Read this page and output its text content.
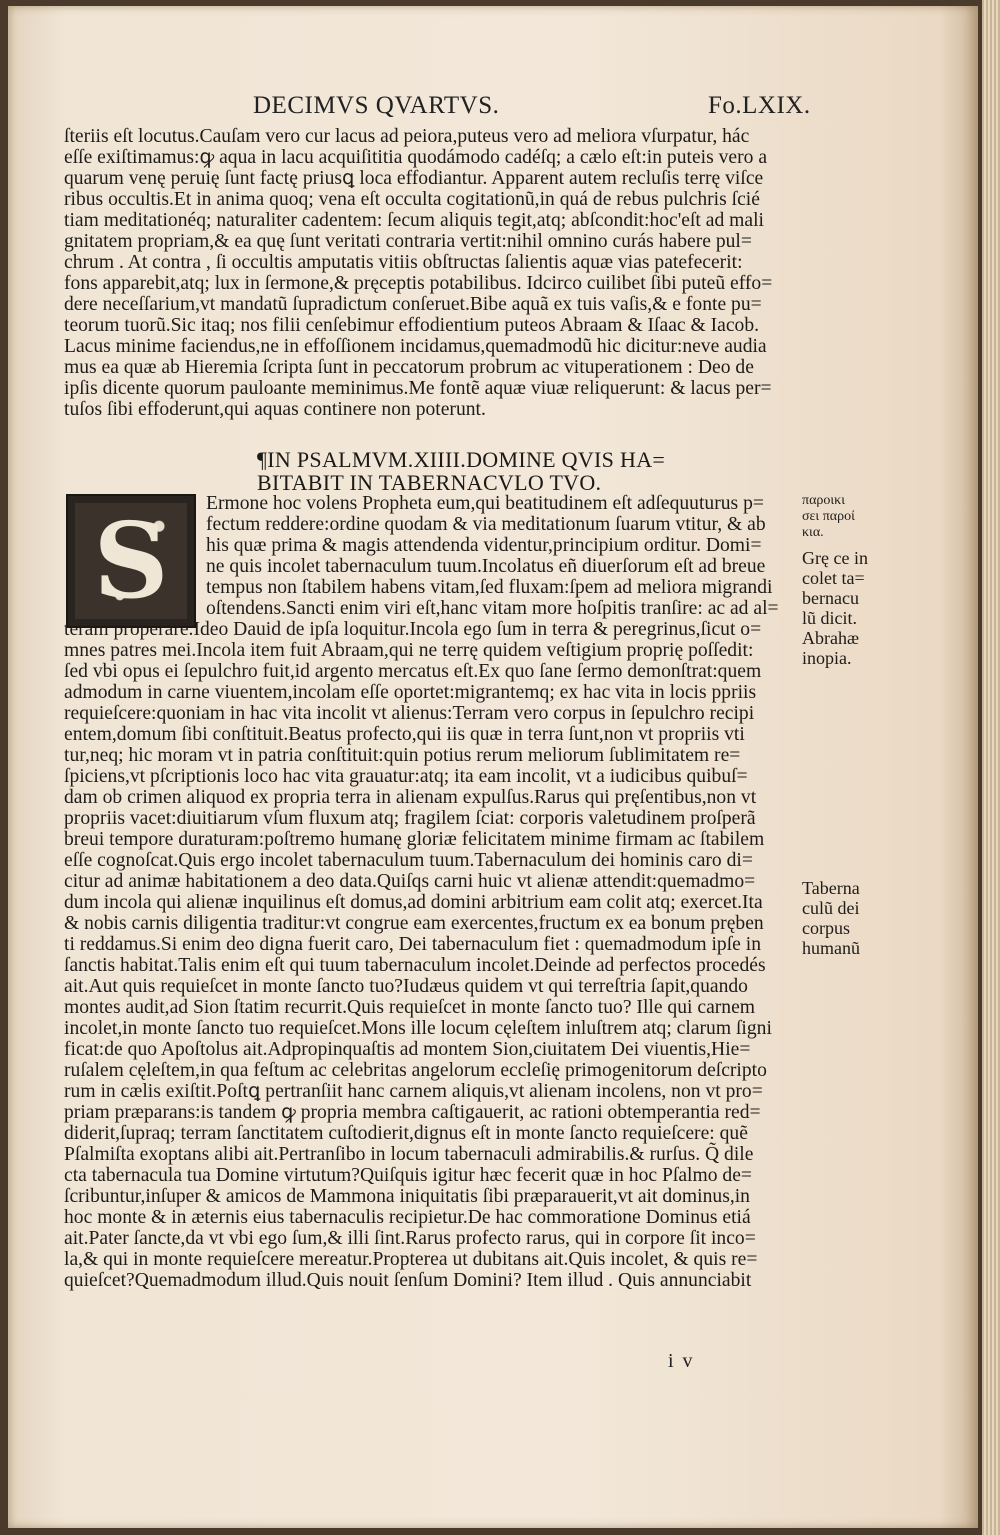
DECIMVS QVARTVS.	Fo.LXIX.
ſteriis eſt locutus.Cauſam vero cur lacus ad peiora,puteus vero ad meliora vſurpatur, hác
eſſe exiſtimamus:ꝙ aqua in lacu acquiſititia quodámodo cadéſq; a cælo eſt:in puteis vero a
quarum venę peruię ſunt factę priusꝗ loca effodiantur. Apparent autem recluſis terrę viſce
ribus occultis.Et in anima quoq; vena eſt occulta cogitationũ,in quá de rebus pulchris ſcié
tiam meditationéq; naturaliter cadentem: ſecum aliquis tegit,atq; abſcondit:hoc'eſt ad mali
gnitatem propriam,& ea quę ſunt veritati contraria vertit:nihil omnino curás habere pul=
chrum . At contra , ſi occultis amputatis vitiis obſtructas ſalientis aquæ vias patefecerit:
fons apparebit,atq; lux in ſermone,& pręceptis potabilibus. Idcirco cuilibet ſibi puteũ effo=
dere neceſſarium,vt mandatũ ſupradictum conſeruet.Bibe aquã ex tuis vaſis,& e fonte pu=
teorum tuorũ.Sic itaq; nos filii cenſebimur effodientium puteos Abraam & Iſaac & Iacob.
Lacus minime faciendus,ne in effoſſionem incidamus,quemadmodũ hic dicitur:neve audia
mus ea quæ ab Hieremia ſcripta ſunt in peccatorum probrum ac vituperationem : Deo de
ipſis dicente quorum pauloante meminimus.Me fontẽ aquæ viuæ reliquerunt: & lacus per=
tuſos ſibi effoderunt,qui aquas continere non poterunt.
¶IN PSALMVM.XIIII.DOMINE QVIS HA=
BITABIT IN TABERNACVLO TVO.
S	Ermone hoc volens Propheta eum,qui beatitudinem eſt adſequuturus p=
fectum reddere:ordine quodam & via meditationum ſuarum vtitur, & ab
his quæ prima & magis attendenda videntur,principium orditur. Domi=
ne quis incolet tabernaculum tuum.Incolatus eñ diuerſorum eſt ad breue
tempus non ſtabilem habens vitam,ſed fluxam:ſpem ad meliora migrandi
oſtendens.Sancti enim viri eſt,hanc vitam more hoſpitis tranſire: ac ad al=
teram properare.Ideo Dauid de ipſa loquitur.Incola ego ſum in terra & peregrinus,ſicut o=
mnes patres mei.Incola item fuit Abraam,qui ne terrę quidem veſtigium proprię poſſedit:
ſed vbi opus ei ſepulchro fuit,id argento mercatus eſt.Ex quo ſane ſermo demonſtrat:quem
admodum in carne viuentem,incolam eſſe oportet:migrantemq; ex hac vita in locis ppriis
requieſcere:quoniam in hac vita incolit vt alienus:Terram vero corpus in ſepulchro recipi
entem,domum ſibi conſtituit.Beatus profecto,qui iis quæ in terra ſunt,non vt propriis vti
tur,neq; hic moram vt in patria conſtituit:quin potius rerum meliorum ſublimitatem re=
ſpiciens,vt pſcriptionis loco hac vita grauatur:atq; ita eam incolit, vt a iudicibus quibuſ=
dam ob crimen aliquod ex propria terra in alienam expulſus.Rarus qui pręſentibus,non vt
propriis vacet:diuitiarum vſum fluxum atq; fragilem ſciat: corporis valetudinem proſperã
breui tempore duraturam:poſtremo humanę gloriæ felicitatem minime firmam ac ſtabilem
eſſe cognoſcat.Quis ergo incolet tabernaculum tuum.Tabernaculum dei hominis caro di=
citur ad animæ habitationem a deo data.Quiſqs carni huic vt alienæ attendit:quemadmo=
dum incola qui alienæ inquilinus eſt domus,ad domini arbitrium eam colit atq; exercet.Ita
& nobis carnis diligentia traditur:vt congrue eam exercentes,fructum ex ea bonum pręben
ti reddamus.Si enim deo digna fuerit caro, Dei tabernaculum fiet : quemadmodum ipſe in
ſanctis habitat.Talis enim eſt qui tuum tabernaculum incolet.Deinde ad perfectos procedés
ait.Aut quis requieſcet in monte ſancto tuo?Iudæus quidem vt qui terreſtria ſapit,quando
montes audit,ad Sion ſtatim recurrit.Quis requieſcet in monte ſancto tuo? Ille qui carnem
incolet,in monte ſancto tuo requieſcet.Mons ille locum cęleſtem inluſtrem atq; clarum ſigni
ficat:de quo Apoſtolus ait.Adpropinquaſtis ad montem Sion,ciuitatem Dei viuentis,Hie=
ruſalem cęleſtem,in qua feſtum ac celebritas angelorum eccleſię primogenitorum deſcripto
rum in cælis exiſtit.Poſtꝗ pertranſiit hanc carnem aliquis,vt alienam incolens, non vt pro=
priam præparans:is tandem ꝙ propria membra caſtigauerit, ac rationi obtemperantia red=
diderit,ſupraq; terram ſanctitatem cuſtodierit,dignus eſt in monte ſancto requieſcere: quẽ
Pſalmiſta exoptans alibi ait.Pertranſibo in locum tabernaculi admirabilis.& rurſus. Q̃ dile
cta tabernacula tua Domine virtutum?Quiſquis igitur hæc fecerit quæ in hoc Pſalmo de=
ſcribuntur,inſuper & amicos de Mammona iniquitatis ſibi præparauerit,vt ait dominus,in
hoc monte & in æternis eius tabernaculis recipietur.De hac commoratione Dominus etiá
ait.Pater ſancte,da vt vbi ego ſum,& illi ſint.Rarus profecto rarus, qui in corpore ſit inco=
la,& qui in monte requieſcere mereatur.Propterea ut dubitans ait.Quis incolet, & quis re=
quieſcet?Quemadmodum illud.Quis nouit ſenſum Domini? Item illud . Quis annunciabit
παροικι
σει παροί
κια.
Grę ce in
colet ta=
bernacu
lũ dicit.
Abrahæ
inopia.
Taberna
culũ dei
corpus
humanũ
i v
